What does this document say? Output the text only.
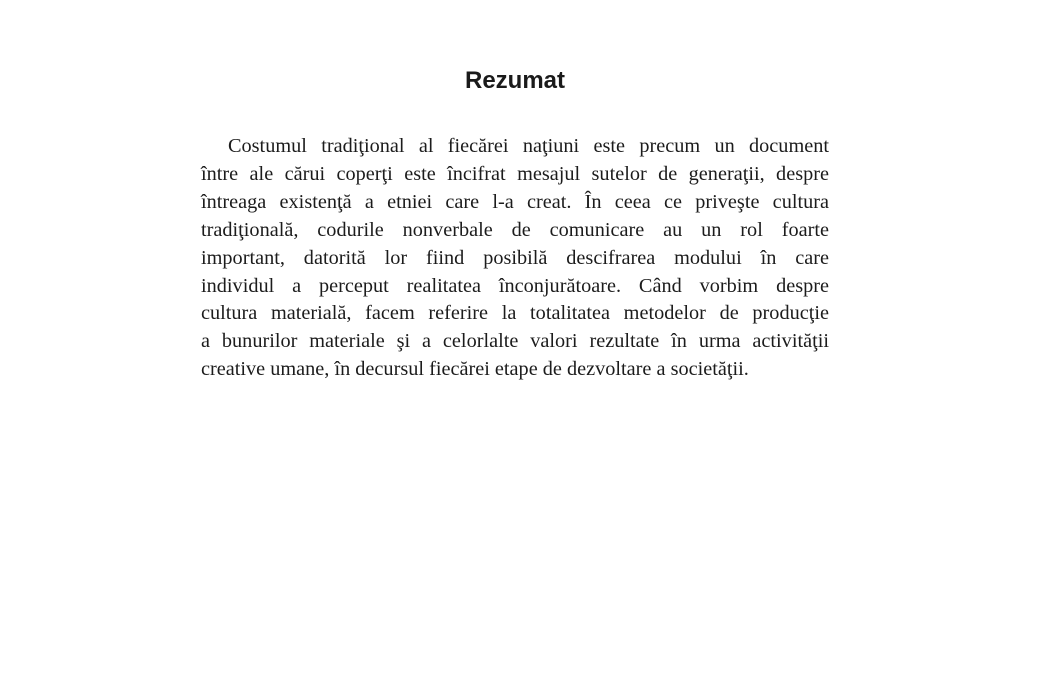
Rezumat

Costumul tradiţional al fiecărei naţiuni este precum un document
între ale cărui coperţi este încifrat mesajul sutelor de generaţii, despre
întreaga existenţă a etniei care l-a creat. În ceea ce priveşte cultura
tradiţională, codurile nonverbale de comunicare au un rol foarte
important, datorită lor fiind posibilă descifrarea modului în care
individul a perceput realitatea înconjurătoare. Când vorbim despre
cultura materială, facem referire la totalitatea metodelor de producţie
a bunurilor materiale şi a celorlalte valori rezultate în urma activităţii
creative umane, în decursul fiecărei etape de dezvoltare a societăţii.
